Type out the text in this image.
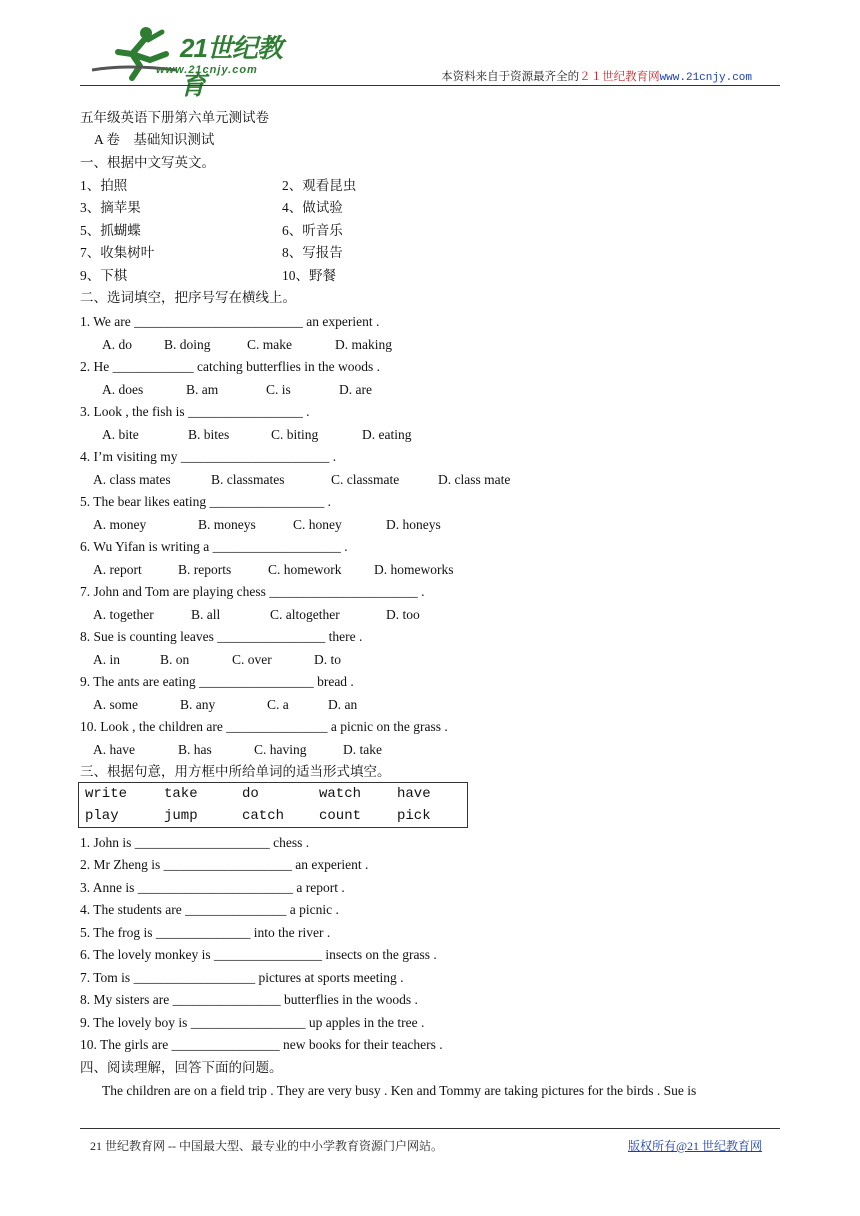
21世纪教育
www.21cnjy.com
本资料来自于资源最齐全的２１世纪教育网www.21cnjy.com
五年级英语下册第六单元测试卷
A 卷　基础知识测试
一、根据中文写英文。
1、拍照	2、观看昆虫
3、摘苹果	4、做试验
5、抓蝴蝶	6、听音乐
7、收集树叶	8、写报告
9、下棋	10、野餐
二、选词填空，把序号写在横线上。
1. We are _________________________ an experient .
A. do B. doing	C. make	D. making
2. He ____________ catching butterflies in the woods .
A. does	B. am	C. is	D. are
3. Look , the fish is _________________ .
A. bite	B. bites	C. biting	D. eating
4. I’m visiting my ______________________ .
A. class mates	B. classmates	C. classmate	D. class mate
5. The bear likes eating _________________ .
A. money	B. moneys	C. honey	D. honeys
6. Wu Yifan is writing a ___________________ .
A. report	B. reports	C. homework D. homeworks
7. John and Tom are playing chess ______________________ .
A. together	B. all	C. altogether	D. too
8. Sue is counting leaves ________________ there .
A. in	B. on	C. over	D. to
9. The ants are eating _________________ bread .
A. some	B. any	C. a	D. an
10. Look , the children are _______________ a picnic on the grass .
A. have	B. has	C. having	D. take
三、根据句意，用方框中所给单词的适当形式填空。
write	take	do	watch	have
play	jump	catch count	pick
1. John is ____________________ chess .
2. Mr Zheng is ___________________ an experient .
3. Anne is _______________________ a report .
4. The students are _______________ a picnic .
5. The frog is ______________ into the river .
6. The lovely monkey is ________________ insects on the grass .
7. Tom is __________________ pictures at sports meeting .
8. My sisters are ________________ butterflies in the woods .
9. The lovely boy is _________________ up apples in the tree .
10. The girls are ________________ new books for their teachers .
四、阅读理解，回答下面的问题。
The children are on a field trip . They are very busy . Ken and Tommy are taking pictures for the birds . Sue is
21 世纪教育网 -- 中国最大型、最专业的中小学教育资源门户网站。	版权所有@21 世纪教育网
